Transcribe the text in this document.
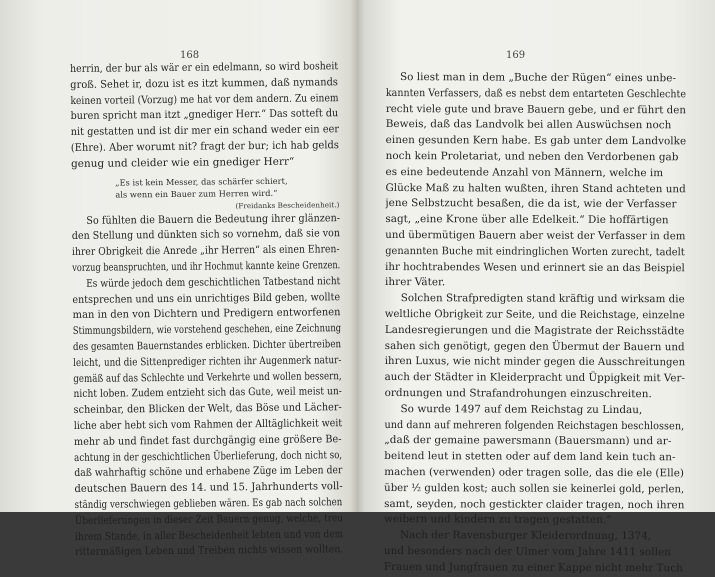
168
herrin, der bur als wär er ein edelmann, so wird bosheit
groß. Sehet ir, dozu ist es itzt kummen, daß nymands
keinen vorteil (Vorzug) me hat vor dem andern. Zu einem
buren spricht man itzt „gnediger Herr.“ Das sotteft du
nit gestatten und ist dir mer ein schand weder ein eer
(Ehre). Aber worumt nit? fragt der bur; ich hab gelds
genug und cleider wie ein gnediger Herr“
„Es ist kein Messer, das schärfer schiert,
als wenn ein Bauer zum Herren wird.“
(Freidanks Bescheidenheit.)
So fühlten die Bauern die Bedeutung ihrer glänzen-
den Stellung und dünkten sich so vornehm, daß sie von
ihrer Obrigkeit die Anrede „ihr Herren“ als einen Ehren-
vorzug beanspruchten, und ihr Hochmut kannte keine Grenzen.
Es würde jedoch dem geschichtlichen Tatbestand nicht
entsprechen und uns ein unrichtiges Bild geben, wollte
man in den von Dichtern und Predigern entworfenen
Stimmungsbildern, wie vorstehend geschehen, eine Zeichnung
des gesamten Bauernstandes erblicken. Dichter übertreiben
leicht, und die Sittenprediger richten ihr Augenmerk natur-
gemäß auf das Schlechte und Verkehrte und wollen bessern,
nicht loben. Zudem entzieht sich das Gute, weil meist un-
scheinbar, den Blicken der Welt, das Böse und Lächer-
liche aber hebt sich vom Rahmen der Alltäglichkeit weit
mehr ab und findet fast durchgängig eine größere Be-
achtung in der geschichtlichen Überlieferung, doch nicht so,
daß wahrhaftig schöne und erhabene Züge im Leben der
deutschen Bauern des 14. und 15. Jahrhunderts voll-
ständig verschwiegen geblieben wären. Es gab nach solchen
Überlieferungen in dieser Zeit Bauern genug, welche, treu
ihrem Stande, in aller Bescheidenheit lebten und von dem
rittermäßigen Leben und Treiben nichts wissen wollten.
169
So liest man in dem „Buche der Rügen“ eines unbe-
kannten Verfassers, daß es nebst dem entarteten Geschlechte
recht viele gute und brave Bauern gebe, und er führt den
Beweis, daß das Landvolk bei allen Auswüchsen noch
einen gesunden Kern habe. Es gab unter dem Landvolke
noch kein Proletariat, und neben den Verdorbenen gab
es eine bedeutende Anzahl von Männern, welche im
Glücke Maß zu halten wußten, ihren Stand achteten und
jene Selbstzucht besaßen, die da ist, wie der Verfasser
sagt, „eine Krone über alle Edelkeit.“ Die hoffärtigen
und übermütigen Bauern aber weist der Verfasser in dem
genannten Buche mit eindringlichen Worten zurecht, tadelt
ihr hochtrabendes Wesen und erinnert sie an das Beispiel
ihrer Väter.
Solchen Strafpredigten stand kräftig und wirksam die
weltliche Obrigkeit zur Seite, und die Reichstage, einzelne
Landesregierungen und die Magistrate der Reichsstädte
sahen sich genötigt, gegen den Übermut der Bauern und
ihren Luxus, wie nicht minder gegen die Ausschreitungen
auch der Städter in Kleiderpracht und Üppigkeit mit Ver-
ordnungen und Strafandrohungen einzuschreiten.
So wurde 1497 auf dem Reichstag zu Lindau,
und dann auf mehreren folgenden Reichstagen beschlossen,
„daß der gemaine pawersmann (Bauersmann) und ar-
beitend leut in stetten oder auf dem land kein tuch an-
machen (verwenden) oder tragen solle, das die ele (Elle)
über ½ gulden kost; auch sollen sie keinerlei gold, perlen,
samt, seyden, noch gestickter claider tragen, noch ihren
weibern und kindern zu tragen gestatten.“
Nach der Ravensburger Kleiderordnung, 1374,
und besonders nach der Ulmer vom Jahre 1411 sollen
Frauen und Jungfrauen zu einer Kappe nicht mehr Tuch
